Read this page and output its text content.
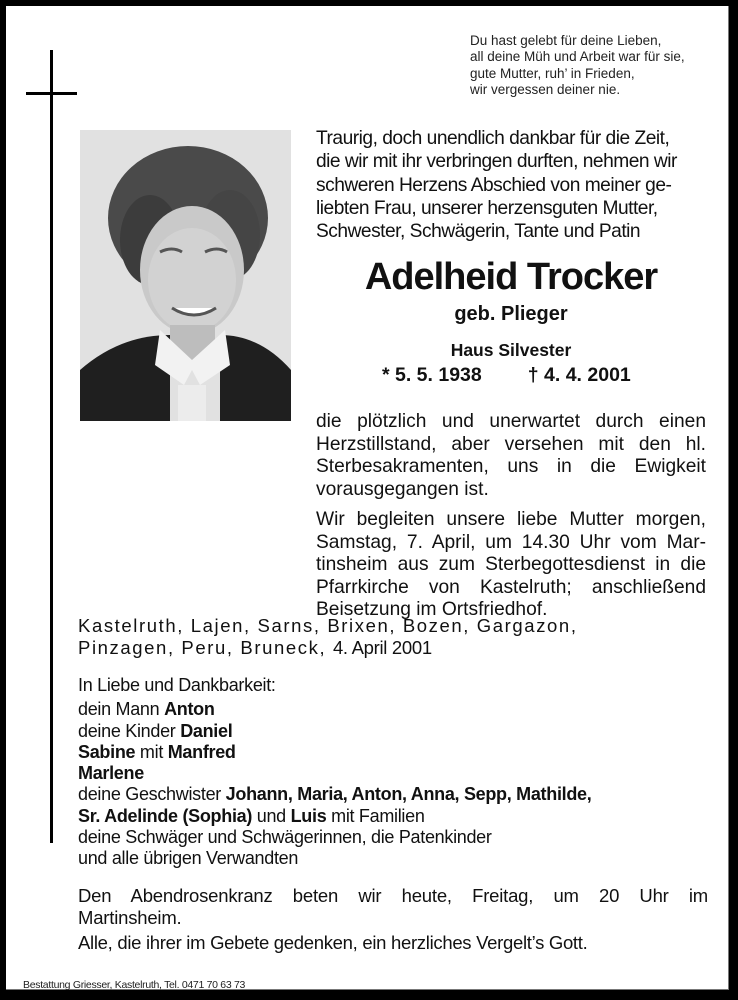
Du hast gelebt für deine Lieben,
all deine Müh und Arbeit war für sie,
gute Mutter, ruh’ in Frieden,
wir vergessen deiner nie.
Traurig, doch unendlich dankbar für die Zeit,
die wir mit ihr verbringen durften, nehmen wir
schweren Herzens Abschied von meiner ge-
liebten Frau, unserer herzensguten Mutter,
Schwester, Schwägerin, Tante und Patin
Adelheid Trocker
geb. Plieger
Haus Silvester
* 5. 5. 1938 † 4. 4. 2001
die plötzlich und unerwartet durch einen
Herzstillstand, aber versehen mit den hl.
Sterbesakramenten, uns in die Ewigkeit
vorausgegangen ist.
Wir begleiten unsere liebe Mutter morgen,
Samstag, 7. April, um 14.30 Uhr vom Mar-
tinsheim aus zum Sterbegottesdienst in die
Pfarrkirche von Kastelruth; anschließend
Beisetzung im Ortsfriedhof.
Kastelruth, Lajen, Sarns, Brixen, Bozen, Gargazon,
Pinzagen, Peru, Bruneck, 4. April 2001
In Liebe und Dankbarkeit:
dein Mann Anton
deine Kinder Daniel
Sabine mit Manfred
Marlene
deine Geschwister Johann, Maria, Anton, Anna, Sepp, Mathilde,
Sr. Adelinde (Sophia) und Luis mit Familien
deine Schwäger und Schwägerinnen, die Patenkinder
und alle übrigen Verwandten
Den Abendrosenkranz beten wir heute, Freitag, um 20 Uhr im
Martinsheim.
Alle, die ihrer im Gebete gedenken, ein herzliches Vergelt’s Gott.
Bestattung Griesser, Kastelruth, Tel. 0471 70 63 73
